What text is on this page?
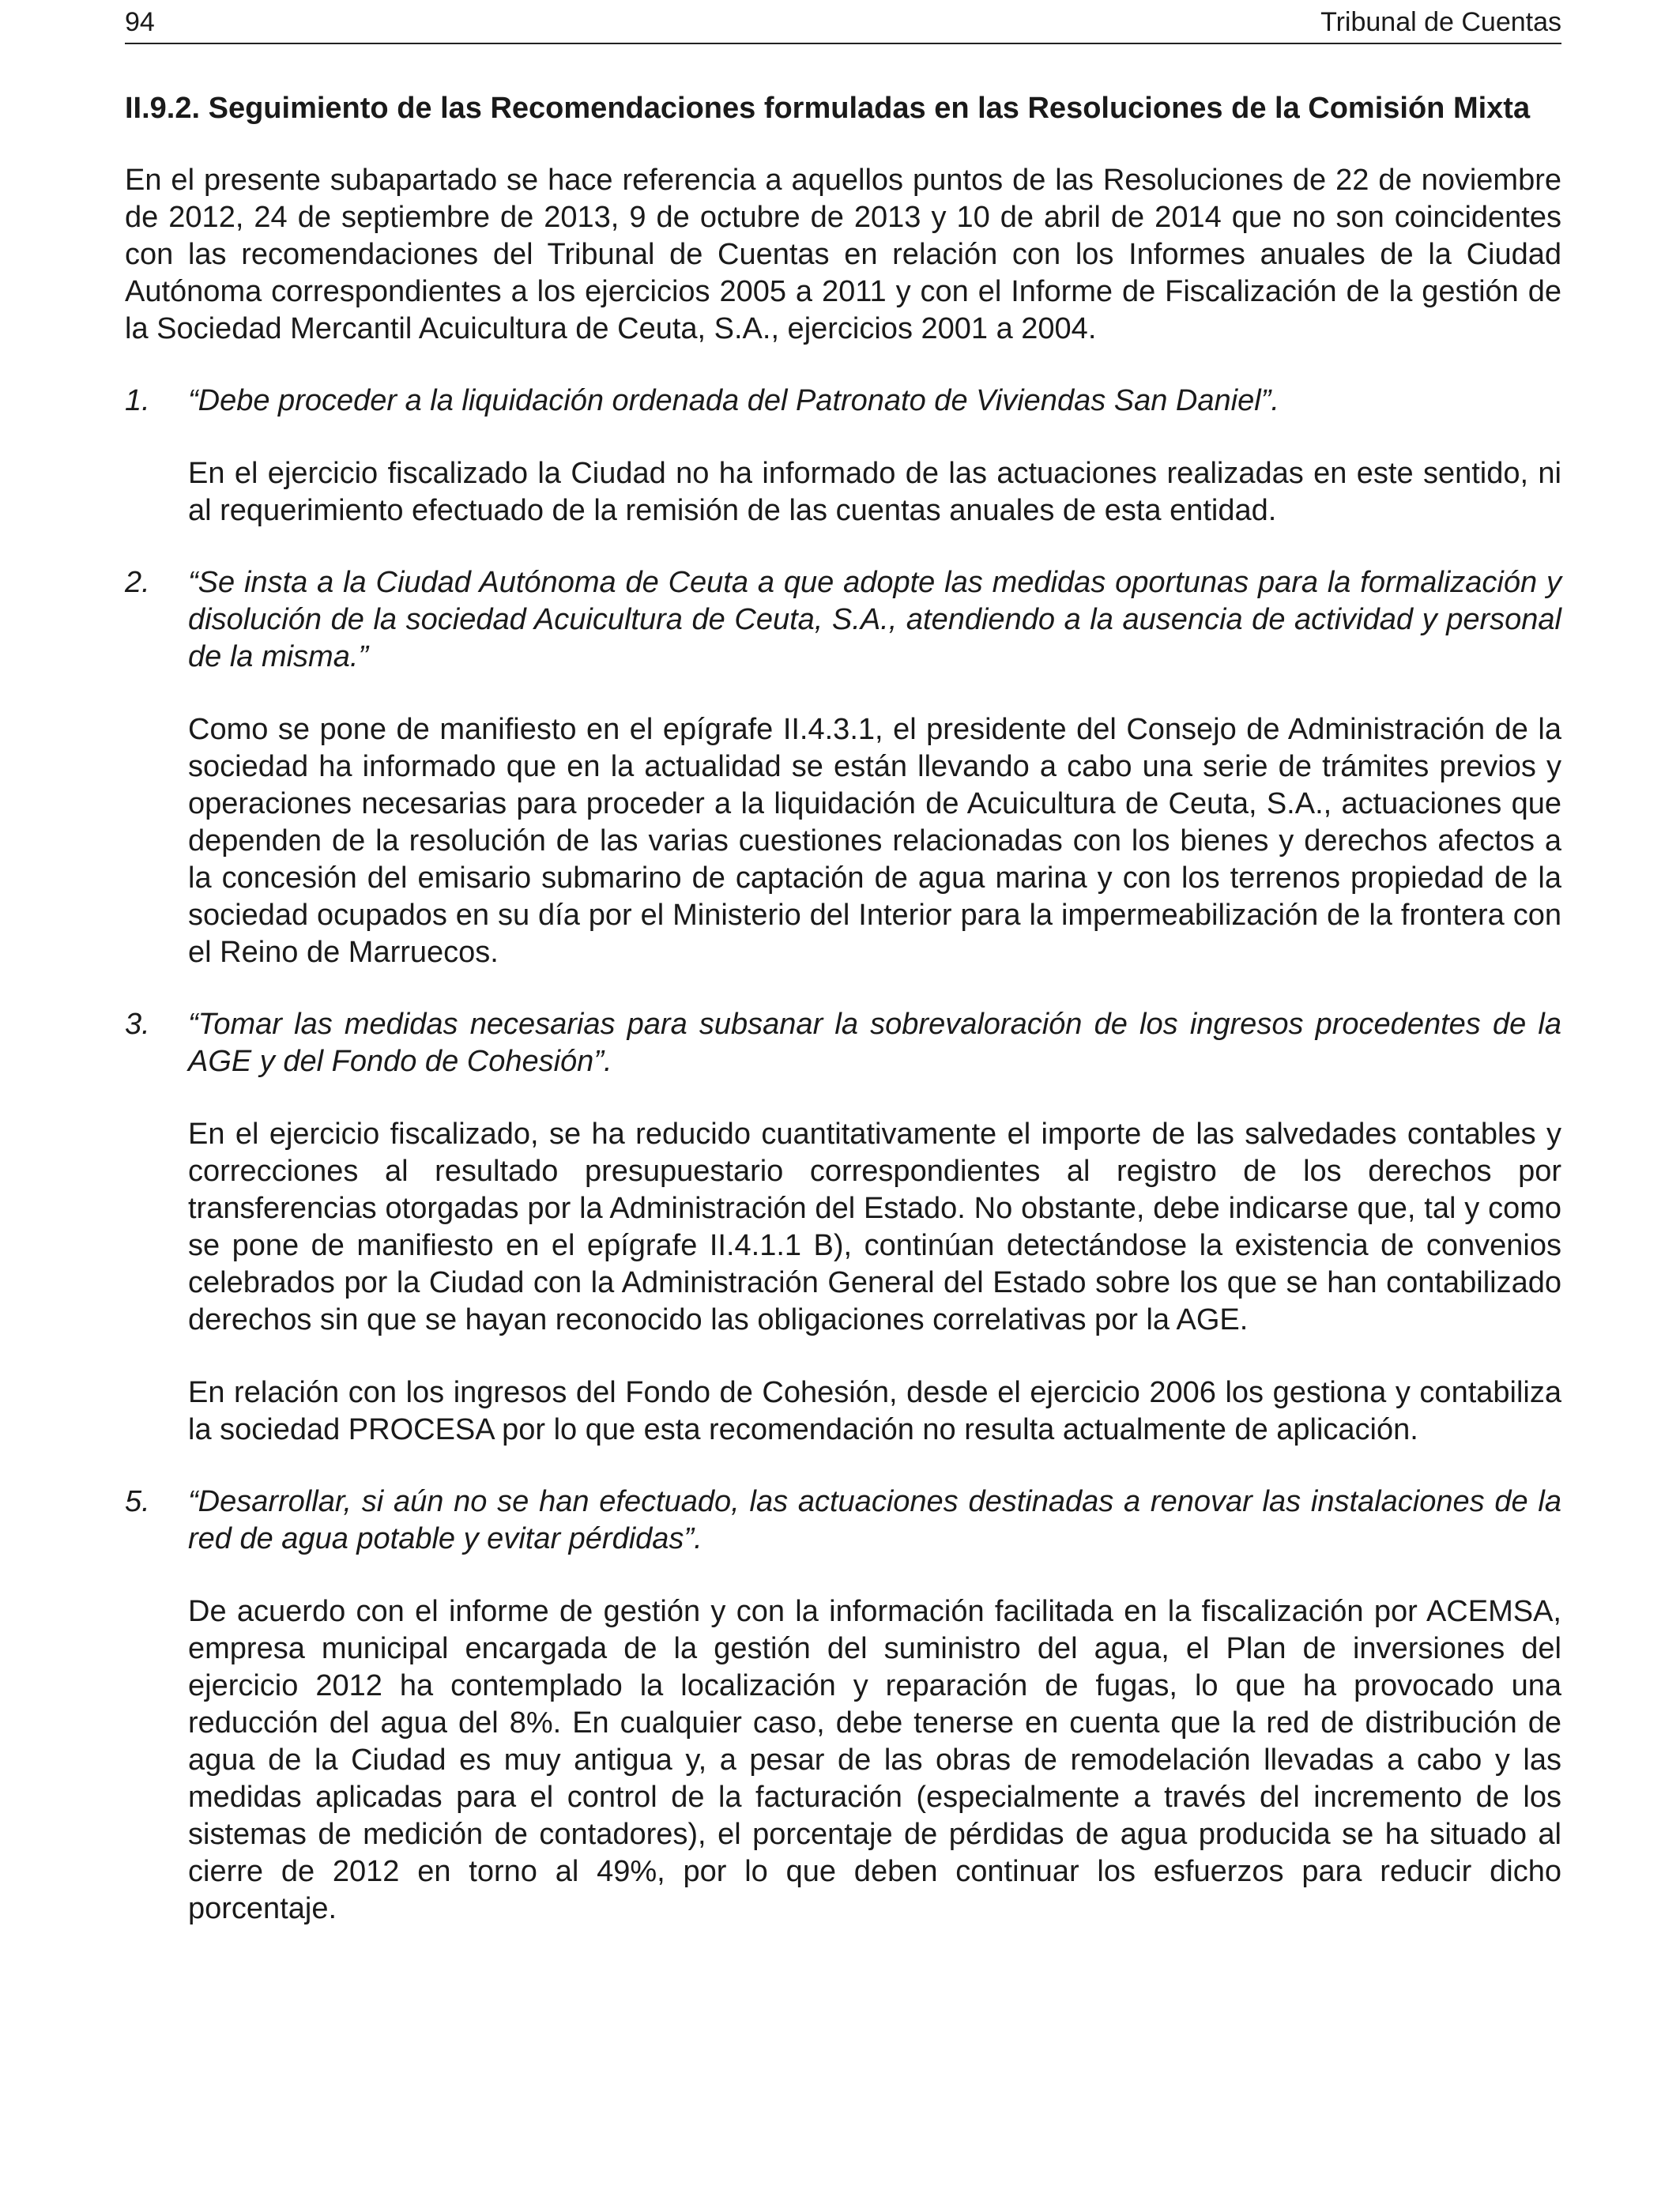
94	Tribunal de Cuentas
II.9.2. Seguimiento de las Recomendaciones formuladas en las Resoluciones de la Comisión Mixta

En el presente subapartado se hace referencia a aquellos puntos de las Resoluciones de 22 de noviembre de 2012, 24 de septiembre de 2013, 9 de octubre de 2013 y 10 de abril de 2014 que no son coincidentes con las recomendaciones del Tribunal de Cuentas en relación con los Informes anuales de la Ciudad Autónoma correspondientes a los ejercicios 2005 a 2011 y con el Informe de Fiscalización de la gestión de la Sociedad Mercantil Acuicultura de Ceuta, S.A., ejercicios 2001 a 2004.

1. “Debe proceder a la liquidación ordenada del Patronato de Viviendas San Daniel”.

En el ejercicio fiscalizado la Ciudad no ha informado de las actuaciones realizadas en este sentido, ni al requerimiento efectuado de la remisión de las cuentas anuales de esta entidad.

2. “Se insta a la Ciudad Autónoma de Ceuta a que adopte las medidas oportunas para la formalización y disolución de la sociedad Acuicultura de Ceuta, S.A., atendiendo a la ausencia de actividad y personal de la misma.”

Como se pone de manifiesto en el epígrafe II.4.3.1, el presidente del Consejo de Administración de la sociedad ha informado que en la actualidad se están llevando a cabo una serie de trámites previos y operaciones necesarias para proceder a la liquidación de Acuicultura de Ceuta, S.A., actuaciones que dependen de la resolución de las varias cuestiones relacionadas con los bienes y derechos afectos a la concesión del emisario submarino de captación de agua marina y con los terrenos propiedad de la sociedad ocupados en su día por el Ministerio del Interior para la impermeabilización de la frontera con el Reino de Marruecos.

3. “Tomar las medidas necesarias para subsanar la sobrevaloración de los ingresos procedentes de la AGE y del Fondo de Cohesión”.

En el ejercicio fiscalizado, se ha reducido cuantitativamente el importe de las salvedades contables y correcciones al resultado presupuestario correspondientes al registro de los derechos por transferencias otorgadas por la Administración del Estado. No obstante, debe indicarse que, tal y como se pone de manifiesto en el epígrafe II.4.1.1 B), continúan detectándose la existencia de convenios celebrados por la Ciudad con la Administración General del Estado sobre los que se han contabilizado derechos sin que se hayan reconocido las obligaciones correlativas por la AGE.

En relación con los ingresos del Fondo de Cohesión, desde el ejercicio 2006 los gestiona y contabiliza la sociedad PROCESA por lo que esta recomendación no resulta actualmente de aplicación.

5. “Desarrollar, si aún no se han efectuado, las actuaciones destinadas a renovar las instalaciones de la red de agua potable y evitar pérdidas”.

De acuerdo con el informe de gestión y con la información facilitada en la fiscalización por ACEMSA, empresa municipal encargada de la gestión del suministro del agua, el Plan de inversiones del ejercicio 2012 ha contemplado la localización y reparación de fugas, lo que ha provocado una reducción del agua del 8%. En cualquier caso, debe tenerse en cuenta que la red de distribución de agua de la Ciudad es muy antigua y, a pesar de las obras de remodelación llevadas a cabo y las medidas aplicadas para el control de la facturación (especialmente a través del incremento de los sistemas de medición de contadores), el porcentaje de pérdidas de agua producida se ha situado al cierre de 2012 en torno al 49%, por lo que deben continuar los esfuerzos para reducir dicho porcentaje.
